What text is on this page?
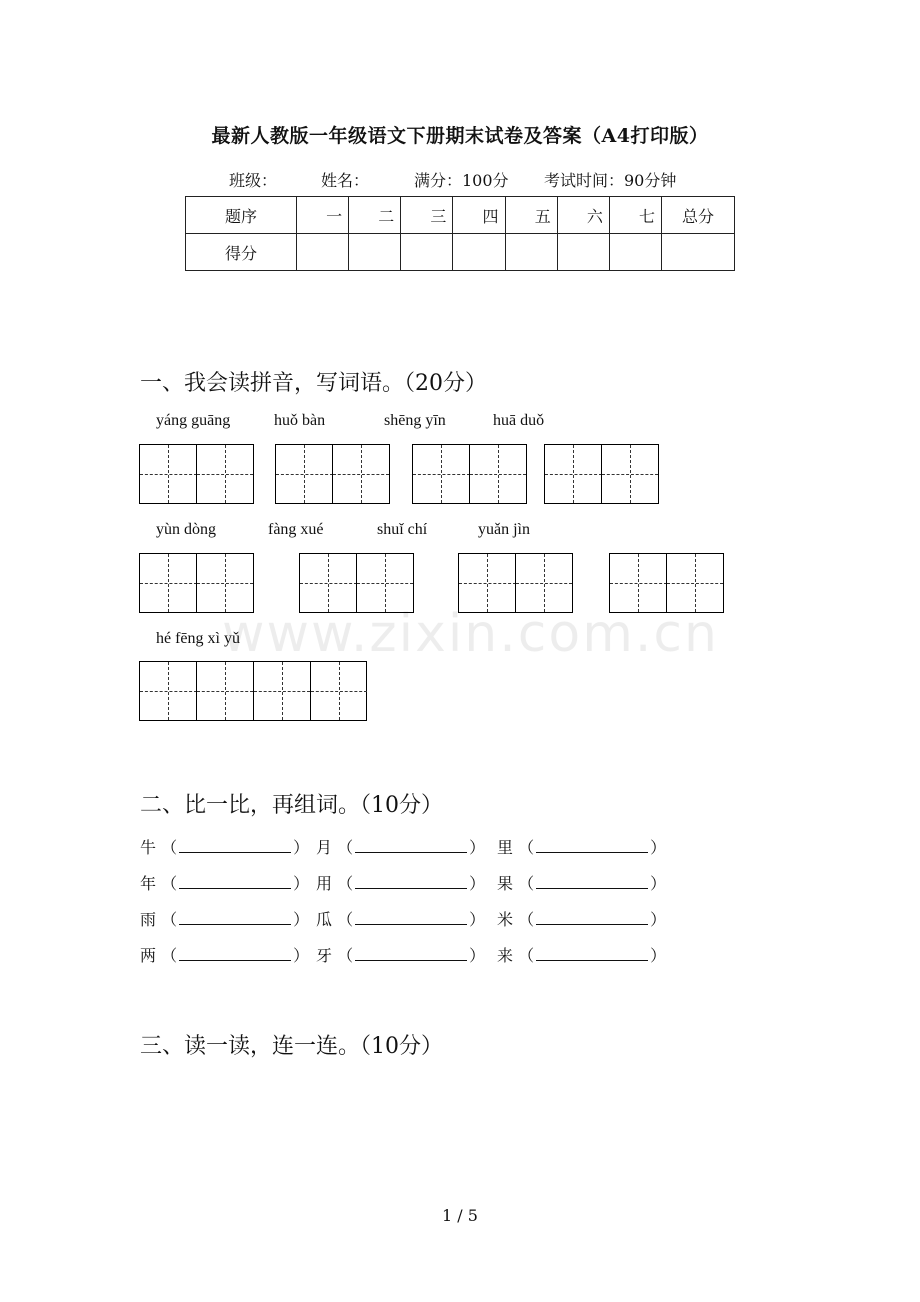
最新人教版一年级语文下册期末试卷及答案（A4打印版）
班级：	姓名：	满分：100分 考试时间：90分钟
题序	一	二	三	四	五	六	七	总分
得分								
一、我会读拼音，写词语。（20分）
yáng guāng	huǒ bàn	shēng yīn	huā duǒ
yùn dòng	fàng xué	shuǐ chí	yuǎn jìn
hé fēng xì yǔ
www.zixin.com.cn
二、比一比，再组词。（10分）
牛 （	） 月 （	） 里 （	）
年 （	） 用 （	） 果 （	）
雨 （	） 瓜 （	） 米 （	）
两 （	） 牙 （	） 来 （	）
三、读一读，连一连。（10分）
1 / 5
